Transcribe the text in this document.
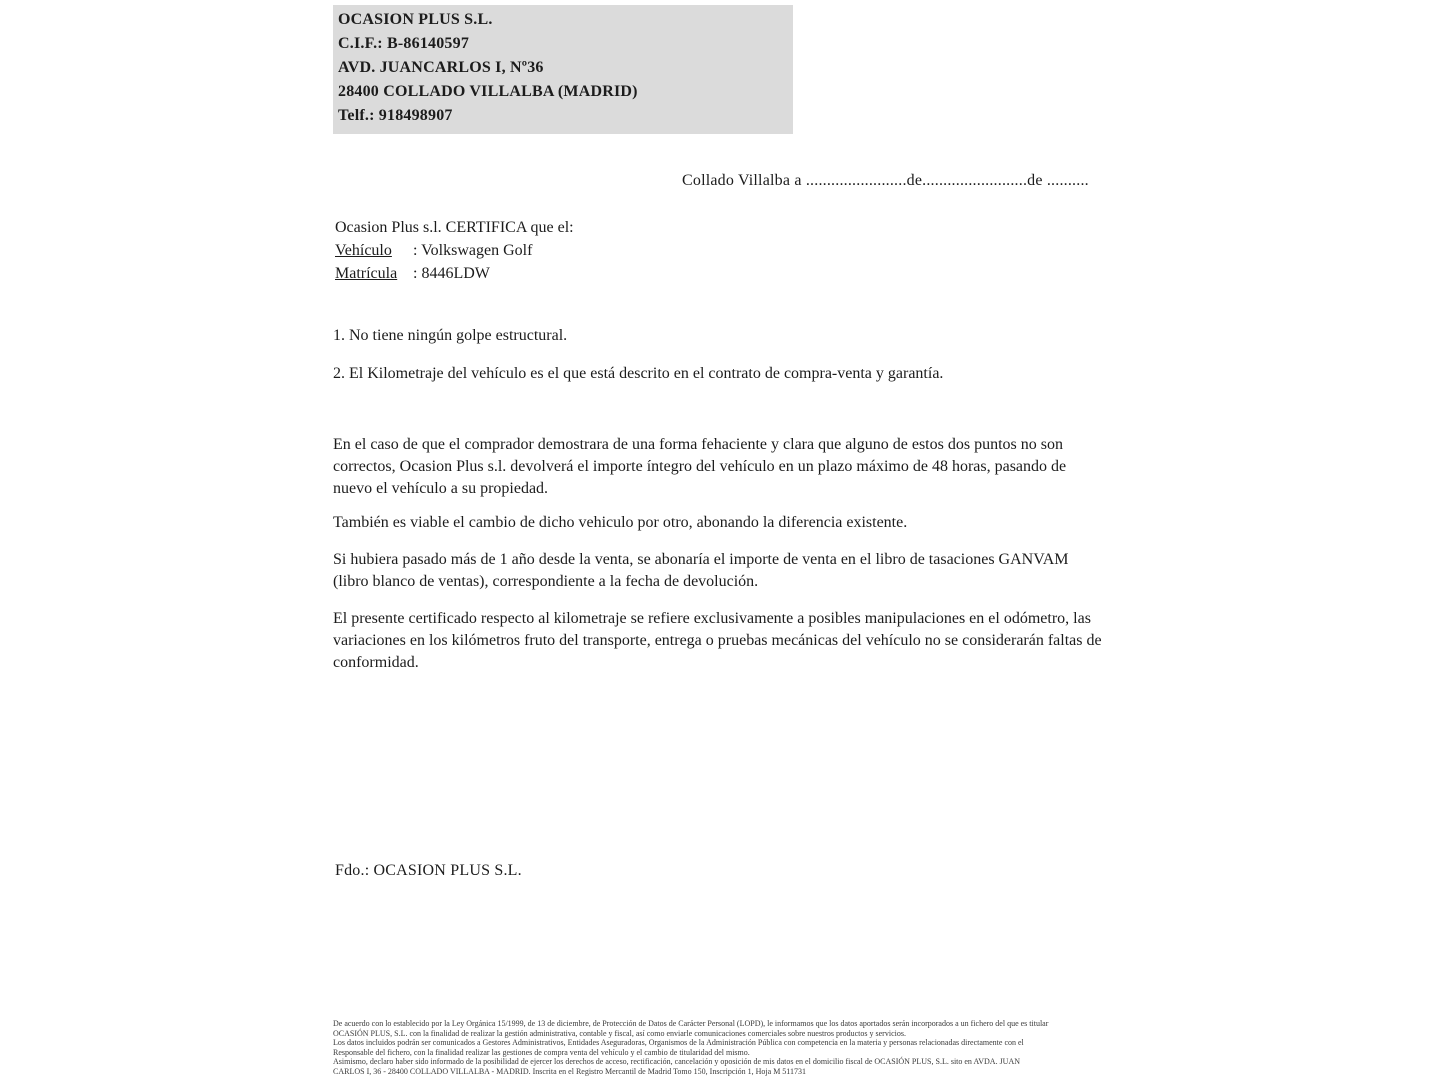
OCASION PLUS S.L.
C.I.F.: B-86140597
AVD. JUANCARLOS I, Nº36
28400 COLLADO VILLALBA (MADRID)
Telf.: 918498907
Collado Villalba a ........................de.........................de ..........
Ocasion Plus s.l. CERTIFICA que el:
Vehículo : Volkswagen Golf
Matrícula : 8446LDW
1. No tiene ningún golpe estructural.
2. El Kilometraje del vehículo es el que está descrito en el contrato de compra-venta y garantía.
En el caso de que el comprador demostrara de una forma fehaciente y clara que alguno de estos dos puntos no son correctos, Ocasion Plus s.l. devolverá el importe íntegro del vehículo en un plazo máximo de 48 horas, pasando de nuevo el vehículo a su propiedad.
También es viable el cambio de dicho vehiculo por otro, abonando la diferencia existente.
Si hubiera pasado más de 1 año desde la venta, se abonaría el importe de venta en el libro de tasaciones GANVAM (libro blanco de ventas), correspondiente a la fecha de devolución.
El presente certificado respecto al kilometraje se refiere exclusivamente a posibles manipulaciones en el odómetro, las variaciones en los kilómetros fruto del transporte, entrega o pruebas mecánicas del vehículo no se considerarán faltas de conformidad.
Fdo.: OCASION PLUS S.L.
De acuerdo con lo establecido por la Ley Orgánica 15/1999, de 13 de diciembre, de Protección de Datos de Carácter Personal (LOPD), le informamos que los datos aportados serán incorporados a un fichero del que es titular
OCASIÓN PLUS, S.L. con la finalidad de realizar la gestión administrativa, contable y fiscal, así como enviarle comunicaciones comerciales sobre nuestros productos y servicios.
Los datos incluidos podrán ser comunicados a Gestores Administrativos, Entidades Aseguradoras, Organismos de la Administración Pública con competencia en la materia y personas relacionadas directamente con el
Responsable del fichero, con la finalidad realizar las gestiones de compra venta del vehículo y el cambio de titularidad del mismo.
Asimismo, declaro haber sido informado de la posibilidad de ejercer los derechos de acceso, rectificación, cancelación y oposición de mis datos en el domicilio fiscal de OCASIÓN PLUS, S.L. sito en AVDA. JUAN
CARLOS I, 36 - 28400 COLLADO VILLALBA - MADRID. Inscrita en el Registro Mercantil de Madrid Tomo 150, Inscripción 1, Hoja M 511731
